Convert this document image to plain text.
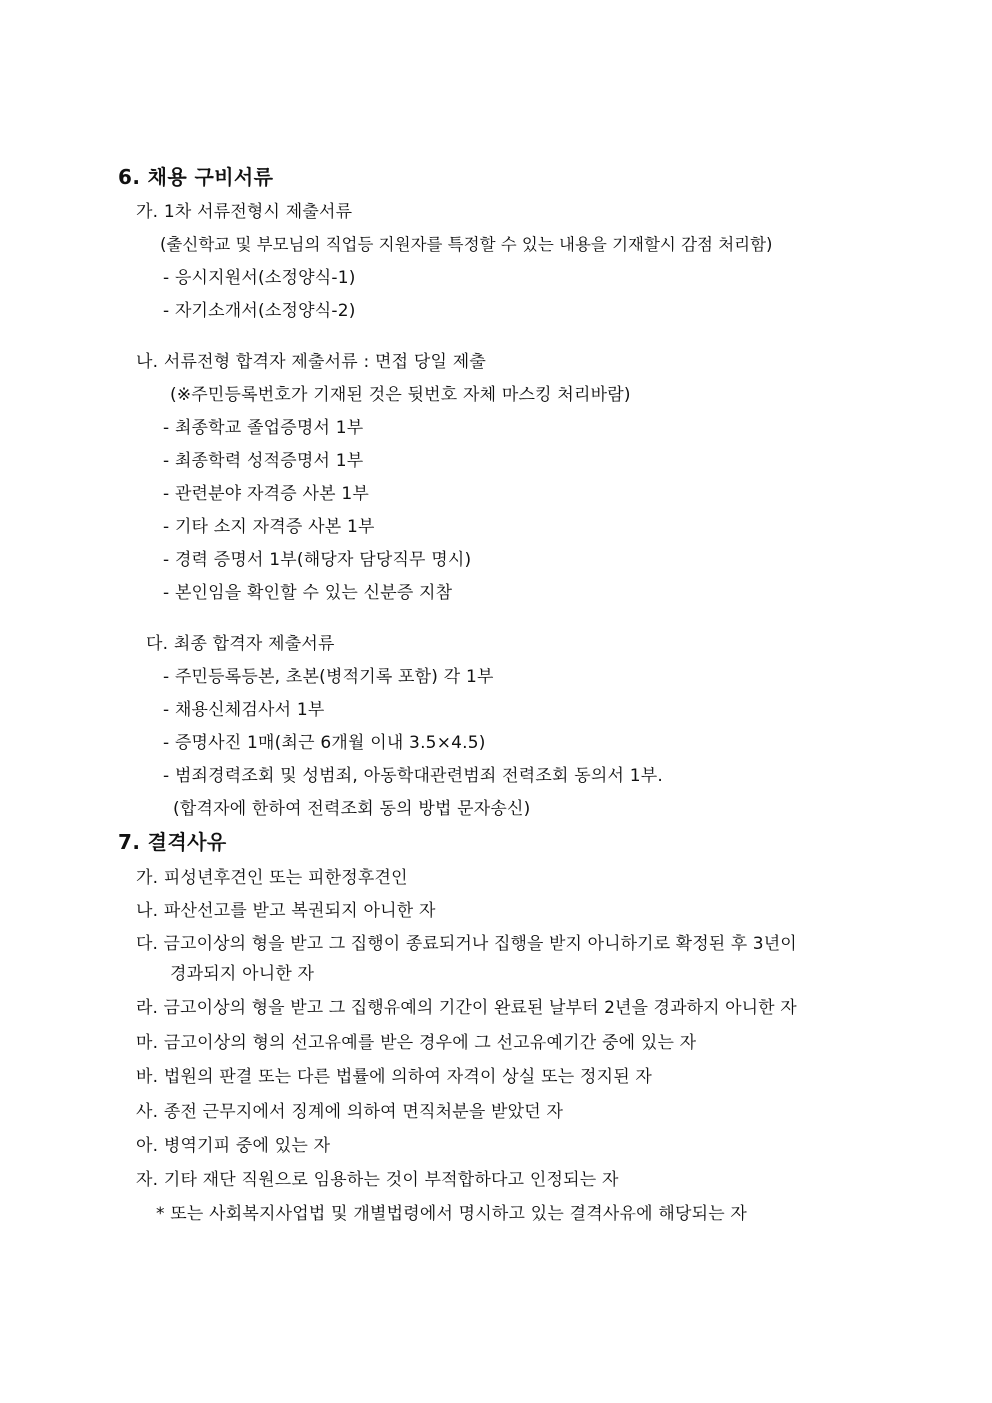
6. 채용 구비서류
가. 1차 서류전형시 제출서류
(출신학교 및 부모님의 직업등 지원자를 특정할 수 있는 내용을 기재할시 감점 처리함)
- 응시지원서(소정양식-1)
- 자기소개서(소정양식-2)
나. 서류전형 합격자 제출서류 : 면접 당일 제출
(※주민등록번호가 기재된 것은 뒷번호 자체 마스킹 처리바람)
- 최종학교 졸업증명서 1부
- 최종학력 성적증명서 1부
- 관련분야 자격증 사본 1부
- 기타 소지 자격증 사본 1부
- 경력 증명서 1부(해당자 담당직무 명시)
- 본인임을 확인할 수 있는 신분증 지참
다. 최종 합격자 제출서류
- 주민등록등본, 초본(병적기록 포함) 각 1부
- 채용신체검사서 1부
- 증명사진 1매(최근 6개월 이내 3.5×4.5)
- 범죄경력조회 및 성범죄, 아동학대관련범죄 전력조회 동의서 1부.
(합격자에 한하여 전력조회 동의 방법 문자송신)
7. 결격사유
가. 피성년후견인 또는 피한정후견인
나. 파산선고를 받고 복권되지 아니한 자
다. 금고이상의 형을 받고 그 집행이 종료되거나 집행을 받지 아니하기로 확정된 후 3년이
경과되지 아니한 자
라. 금고이상의 형을 받고 그 집행유예의 기간이 완료된 날부터 2년을 경과하지 아니한 자
마. 금고이상의 형의 선고유예를 받은 경우에 그 선고유예기간 중에 있는 자
바. 법원의 판결 또는 다른 법률에 의하여 자격이 상실 또는 정지된 자
사. 종전 근무지에서 징계에 의하여 면직처분을 받았던 자
아. 병역기피 중에 있는 자
자. 기타 재단 직원으로 임용하는 것이 부적합하다고 인정되는 자
* 또는 사회복지사업법 및 개별법령에서 명시하고 있는 결격사유에 해당되는 자
